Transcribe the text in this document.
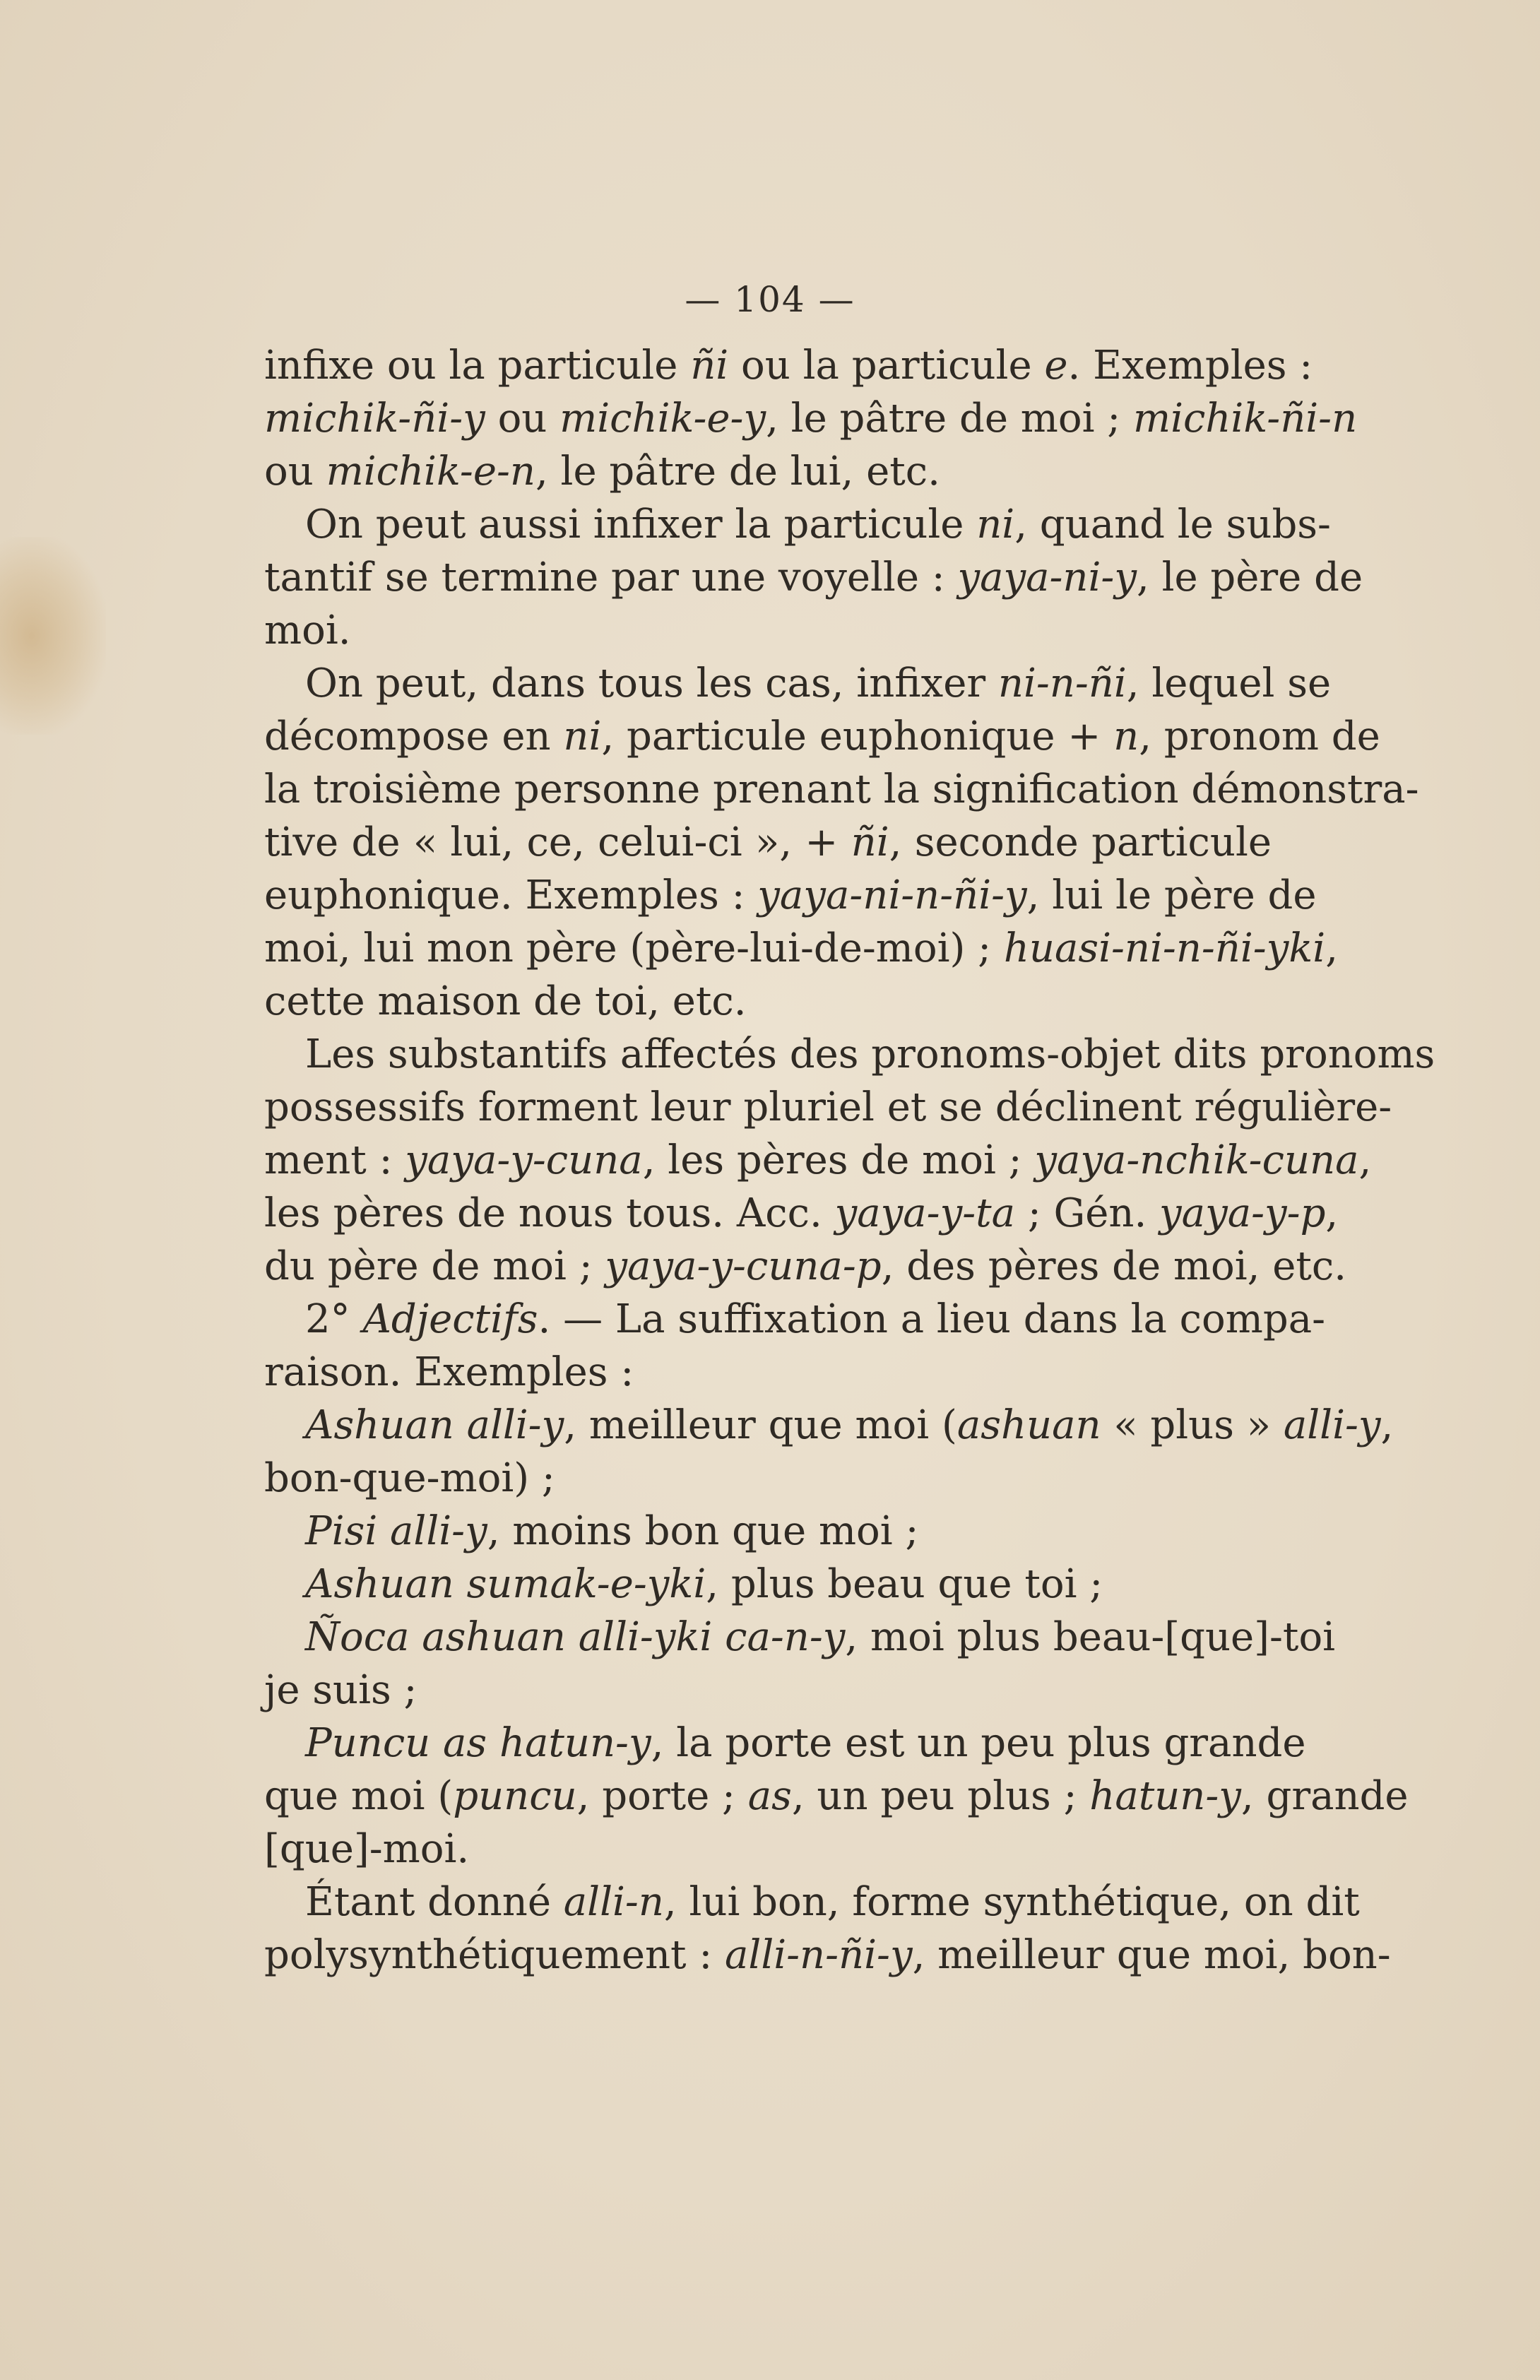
— 104 —
infixe ou la particule ñi ou la particule e. Exemples :
michik-ñi-y ou michik-e-y, le pâtre de moi ; michik-ñi-n
ou michik-e-n, le pâtre de lui, etc.
On peut aussi infixer la particule ni, quand le subs-
tantif se termine par une voyelle : yaya-ni-y, le père de
moi.
On peut, dans tous les cas, infixer ni-n-ñi, lequel se
décompose en ni, particule euphonique + n, pronom de
la troisième personne prenant la signification démonstra-
tive de « lui, ce, celui-ci », + ñi, seconde particule
euphonique. Exemples : yaya-ni-n-ñi-y, lui le père de
moi, lui mon père (père-lui-de-moi) ; huasi-ni-n-ñi-yki,
cette maison de toi, etc.
Les substantifs affectés des pronoms-objet dits pronoms
possessifs forment leur pluriel et se déclinent régulière-
ment : yaya-y-cuna, les pères de moi ; yaya-nchik-cuna,
les pères de nous tous. Acc. yaya-y-ta ; Gén. yaya-y-p,
du père de moi ; yaya-y-cuna-p, des pères de moi, etc.
2° Adjectifs. — La suffixation a lieu dans la compa-
raison. Exemples :
Ashuan alli-y, meilleur que moi (ashuan « plus » alli-y,
bon-que-moi) ;
Pisi alli-y, moins bon que moi ;
Ashuan sumak-e-yki, plus beau que toi ;
Ñoca ashuan alli-yki ca-n-y, moi plus beau-[que]-toi
je suis ;
Puncu as hatun-y, la porte est un peu plus grande
que moi (puncu, porte ; as, un peu plus ; hatun-y, grande
[que]-moi.
Étant donné alli-n, lui bon, forme synthétique, on dit
polysynthétiquement : alli-n-ñi-y, meilleur que moi, bon-
